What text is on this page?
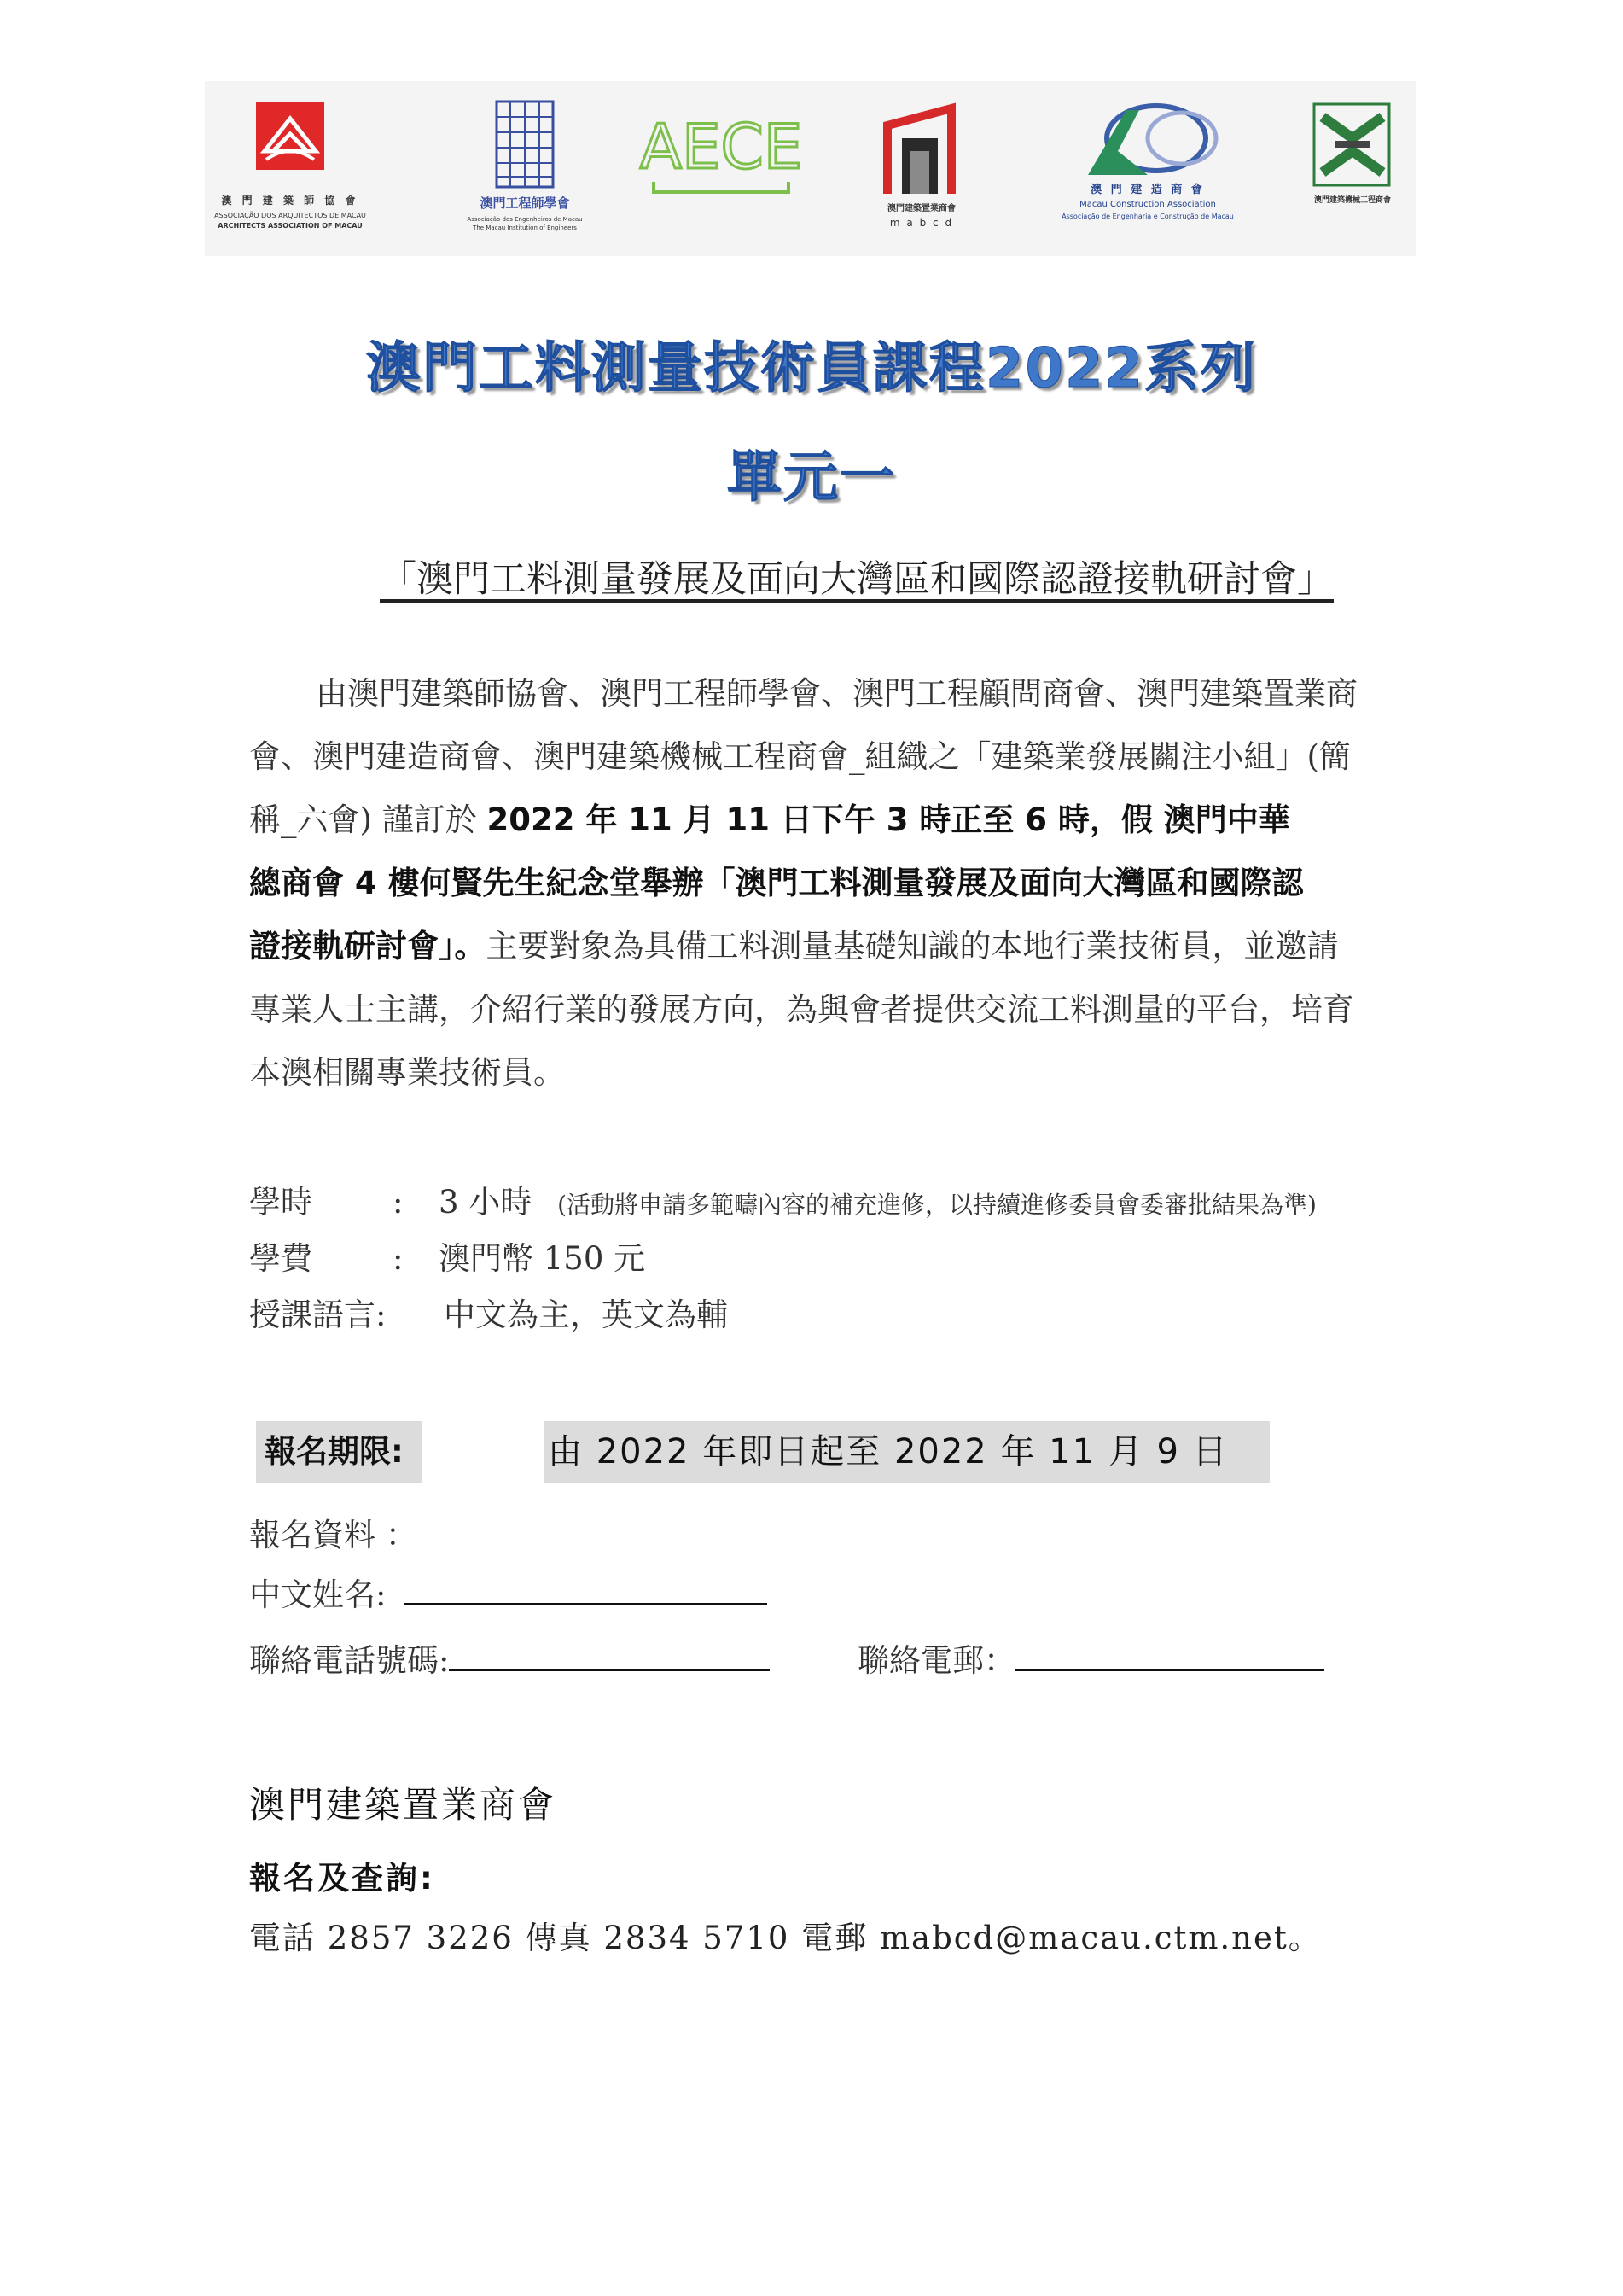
澳 門 建 築 師 協 會
ASSOCIAÇÃO DOS ARQUITECTOS DE MACAU
ARCHITECTS ASSOCIATION OF MACAU
澳門工程師學會
Associação dos Engenheiros de Macau
The Macau Institution of Engineers
AECE
澳門建築置業商會
m a b c d
澳 門 建 造 商 會
Macau Construction Association
Associação de Engenharia e Construção de Macau
澳門建築機械工程商會
澳門工料測量技術員課程2022系列
單元一
「澳門工料測量發展及面向大灣區和國際認證接軌研討會」
由澳門建築師協會、澳門工程師學會、澳門工程顧問商會、澳門建築置業商
會、澳門建造商會、澳門建築機械工程商會_組織之「建築業發展關注小組」(簡
稱_六會) 謹訂於 2022 年 11 月 11 日下午 3 時正至 6 時，假 澳門中華
總商會 4 樓何賢先生紀念堂舉辦「澳門工料測量發展及面向大灣區和國際認
證接軌研討會」。主要對象為具備工料測量基礎知識的本地行業技術員，並邀請
專業人士主講，介紹行業的發展方向，為與會者提供交流工料測量的平台，培育
本澳相關專業技術員。
學時	: 3 小時 (活動將申請多範疇內容的補充進修，以持續進修委員會委審批結果為準)
學費	: 澳門幣 150 元
授課語言: 中文為主，英文為輔
報名期限:	由 2022 年即日起至 2022 年 11 月 9 日
報名資料 ：
中文姓名:
聯絡電話號碼:	聯絡電郵：
澳門建築置業商會
報名及查詢:
電話 2857 3226 傳真 2834 5710 電郵 mabcd@macau.ctm.net。
